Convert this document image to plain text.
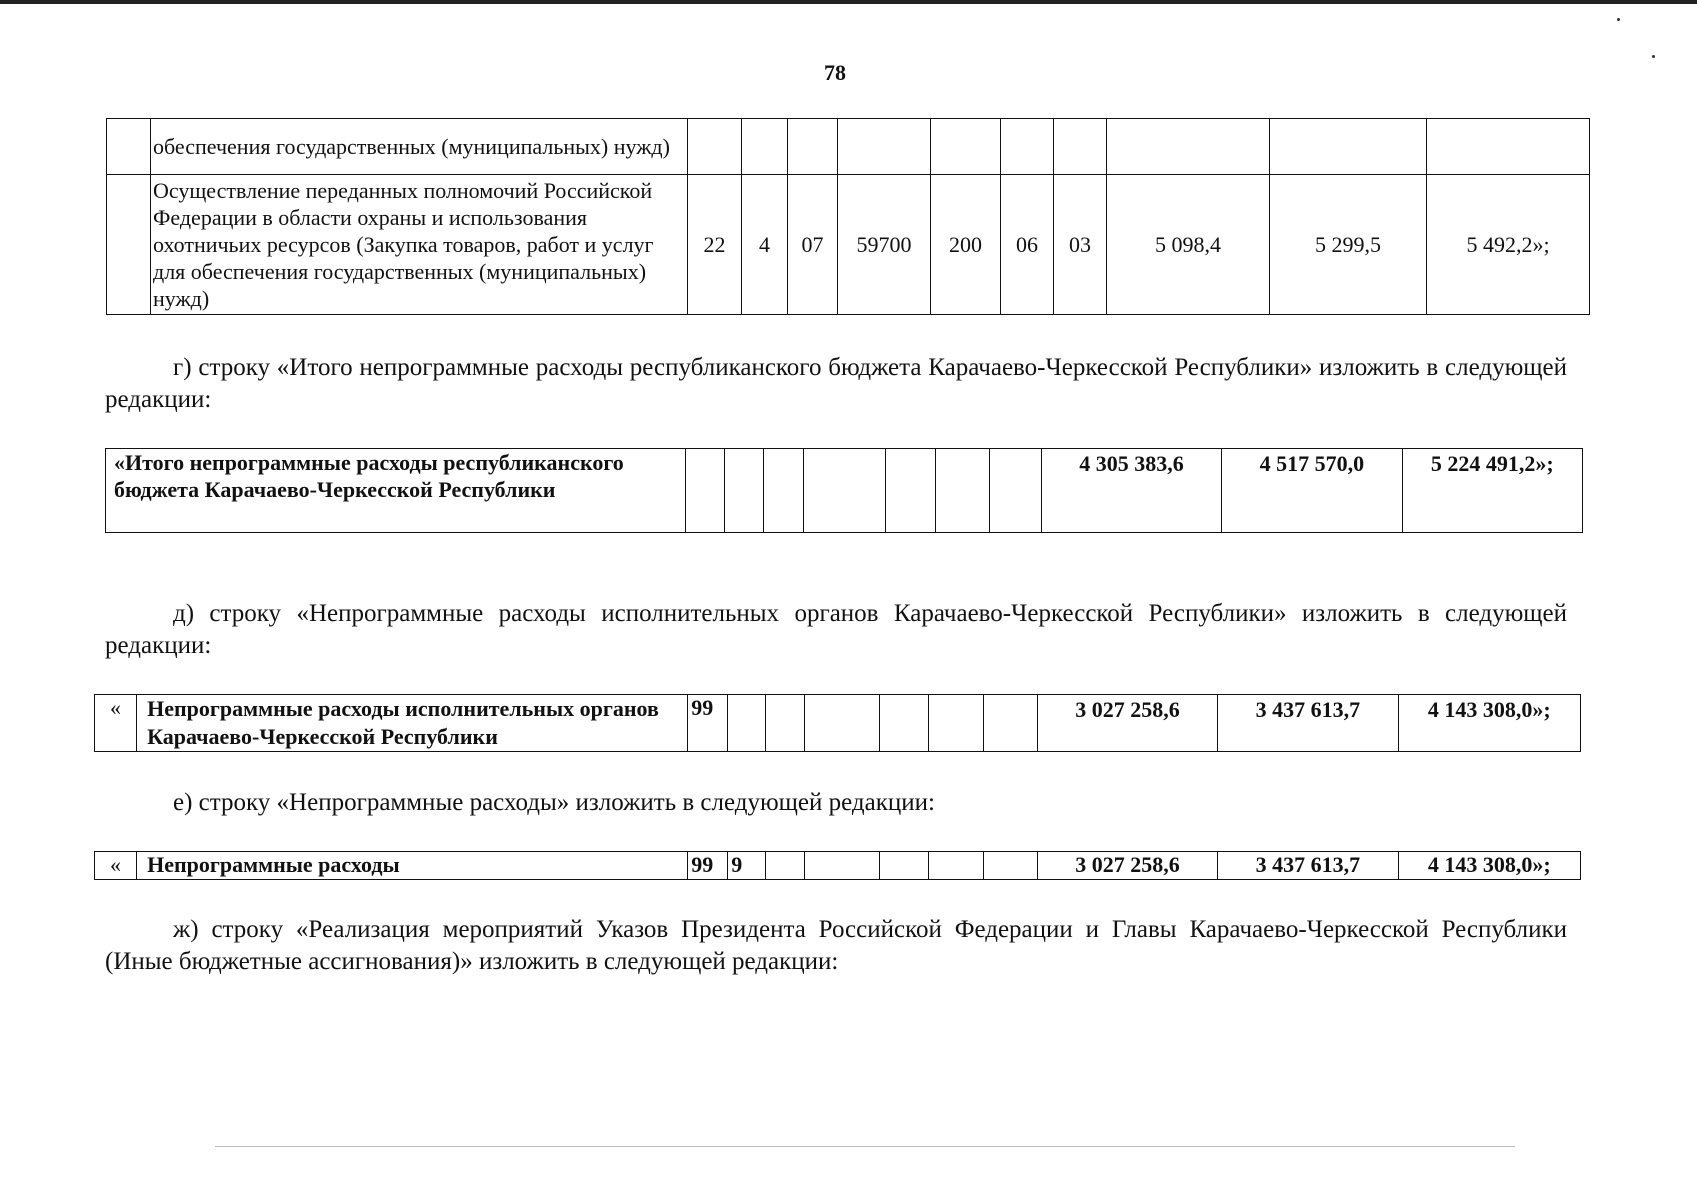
78
	обеспечения государственных (муниципальных) нужд)										
	Осуществление переданных полномочий Российской Федерации в области охраны и использования охотничьих ресурсов (Закупка товаров, работ и услуг для обеспечения государственных (муниципальных) нужд)	22	4	07	59700	200	06	03	5 098,4	5 299,5	5 492,2»;
г) строку «Итого непрограммные расходы республиканского бюджета Карачаево-Черкесской Республики» изложить в следующей редакции:
«Итого непрограммные расходы республиканского бюджета Карачаево-Черкесской Республики								4 305 383,6	4 517 570,0	5 224 491,2»;
д) строку «Непрограммные расходы исполнительных органов Карачаево-Черкесской Республики» изложить в следующей редакции:
«	Непрограммные расходы исполнительных органов Карачаево-Черкесской Республики	99							3 027 258,6	3 437 613,7	4 143 308,0»;
е) строку «Непрограммные расходы» изложить в следующей редакции:
«	Непрограммные расходы	99	9						3 027 258,6	3 437 613,7	4 143 308,0»;
ж) строку «Реализация мероприятий Указов Президента Российской Федерации и Главы Карачаево-Черкесской Республики (Иные бюджетные ассигнования)» изложить в следующей редакции:
